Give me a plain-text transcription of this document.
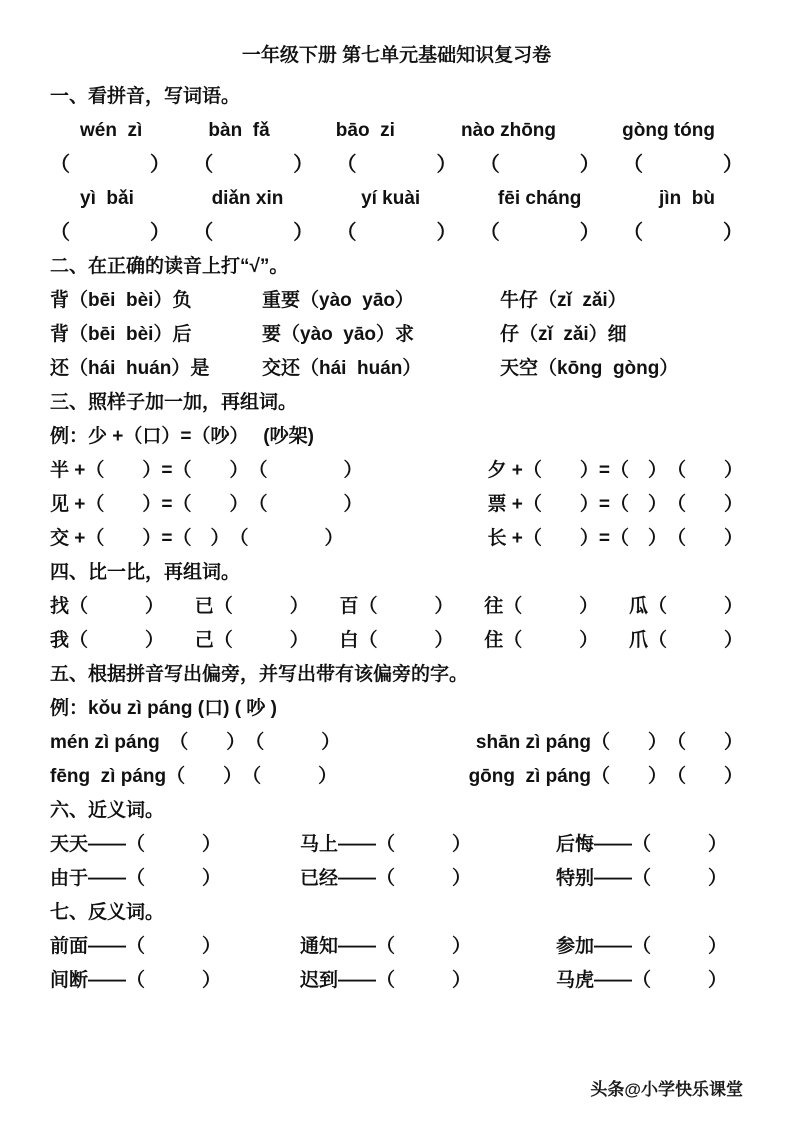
一年级下册 第七单元基础知识复习卷
一、看拼音，写词语。
wén  zì	bàn  fǎ	bāo  zi	nào zhōng	gòng tóng
（　　　　） （　　　　） （　　　　） （　　　　） （　　　　）
yì  bǎi	diǎn xin	yí kuài	fēi cháng	jìn  bù
（　　　　） （　　　　） （　　　　） （　　　　） （　　　　）
二、在正确的读音上打“√”。
背（bēi  bèi）负	重要（yào  yāo）	牛仔（zǐ  zǎi）
背（bēi  bèi）后	要（yào  yāo）求	仔（zǐ  zǎi）细
还（hái  huán）是	交还（hái  huán）	天空（kōng  gòng）
三、照样子加一加，再组词。
例：少 +（口）=（吵）　 (吵架)
半 +（　　）=（　　）　（　　　　）	夕 +（　　）=（　）　（　　）
见 +（　　）=（　　）　（　　　　）	票 +（　　）=（　）　（　　）
交 +（　　）=（　）　（　　　　）	长 +（　　）=（　）　（　　）
四、比一比，再组词。
找（　　　） 已（　　　） 百（　　　） 往（　　　） 瓜（　　　）
我（　　　） 己（　　　） 白（　　　） 住（　　　） 爪（　　　）
五、根据拼音写出偏旁，并写出带有该偏旁的字。
例：kǒu zì páng (口) ( 吵 )
mén zì páng　（　　）　（　　　）	shān zì páng（　　）　（　　）
fēng  zì páng（　　）　（　　　）	gōng  zì páng（　　）　（　　）
六、近义词。
天天——（　　　）	马上——（　　　）	后悔——（　　　）
由于——（　　　）	已经——（　　　）	特别——（　　　）
七、反义词。
前面——（　　　）	通知——（　　　）	参加——（　　　）
间断——（　　　）	迟到——（　　　）	马虎——（　　　）
头条@小学快乐课堂
